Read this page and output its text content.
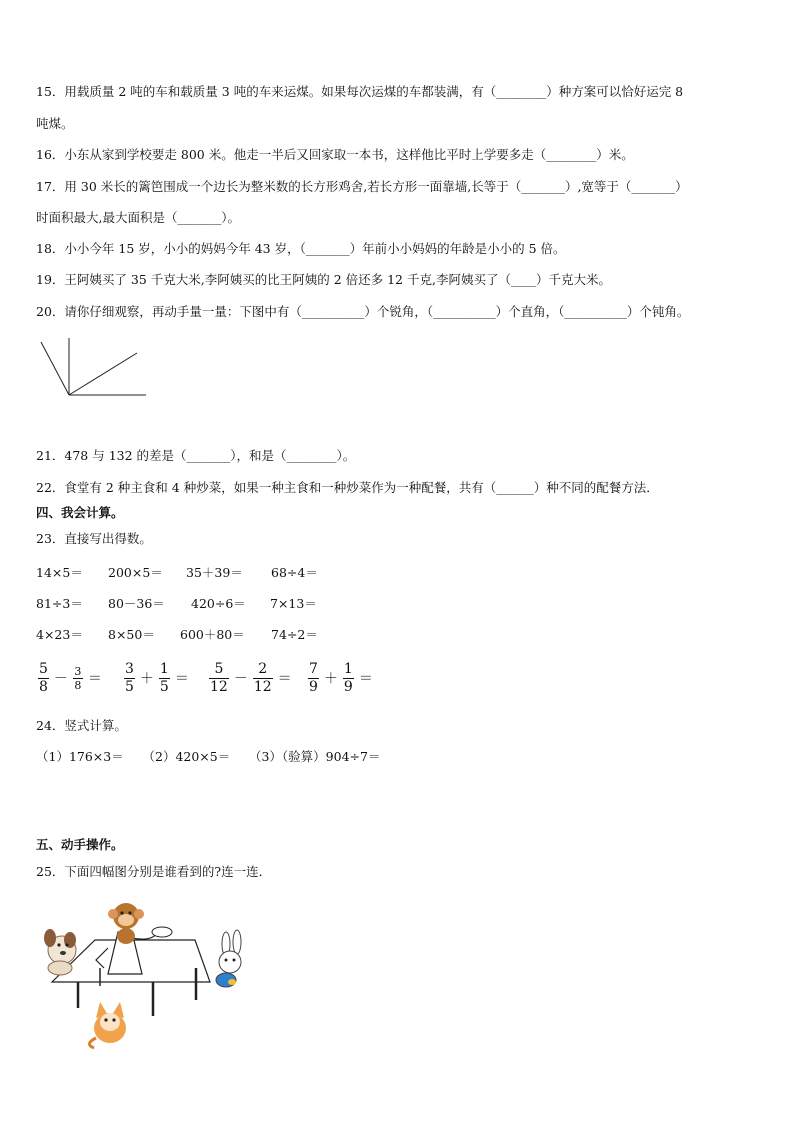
15．用载质量 2 吨的车和载质量 3 吨的车来运煤。如果每次运煤的车都装满，有（________）种方案可以恰好运完 8
吨煤。
16．小东从家到学校要走 800 米。他走一半后又回家取一本书，这样他比平时上学要多走（________）米。
17．用 30 米长的篱笆围成一个边长为整米数的长方形鸡舍,若长方形一面靠墙,长等于（_______）,宽等于（_______）
时面积最大,最大面积是（_______）。
18．小小今年 15 岁，小小的妈妈今年 43 岁，（_______）年前小小妈妈的年龄是小小的 5 倍。
19．王阿姨买了 35 千克大米,李阿姨买的比王阿姨的 2 倍还多 12 千克,李阿姨买了（____）千克大米。
20．请你仔细观察，再动手量一量：下图中有（__________）个锐角，（__________）个直角，（__________）个钝角。
21．478 与 132 的差是（_______），和是（________）。
22．食堂有 2 种主食和 4 种炒菜，如果一种主食和一种炒菜作为一种配餐，共有（______）种不同的配餐方法．
四、我会计算。
23．直接写出得数。
14×5＝ 200×5＝ 35＋39＝ 68÷4＝
81÷3＝ 80－36＝ 420÷6＝ 7×13＝
4×23＝ 8×50＝ 600＋80＝ 74÷2＝
$\frac{5}{8} - \frac{3}{8} = \frac{3}{5} + \frac{1}{5} = \frac{5}{12} - \frac{2}{12} = \frac{7}{9} + \frac{1}{9}$ ＝
24．竖式计算。
（1）176×3＝　　（2）420×5＝　　（3）（验算）904÷7＝
五、动手操作。
25．下面四幅图分别是谁看到的?连一连．
